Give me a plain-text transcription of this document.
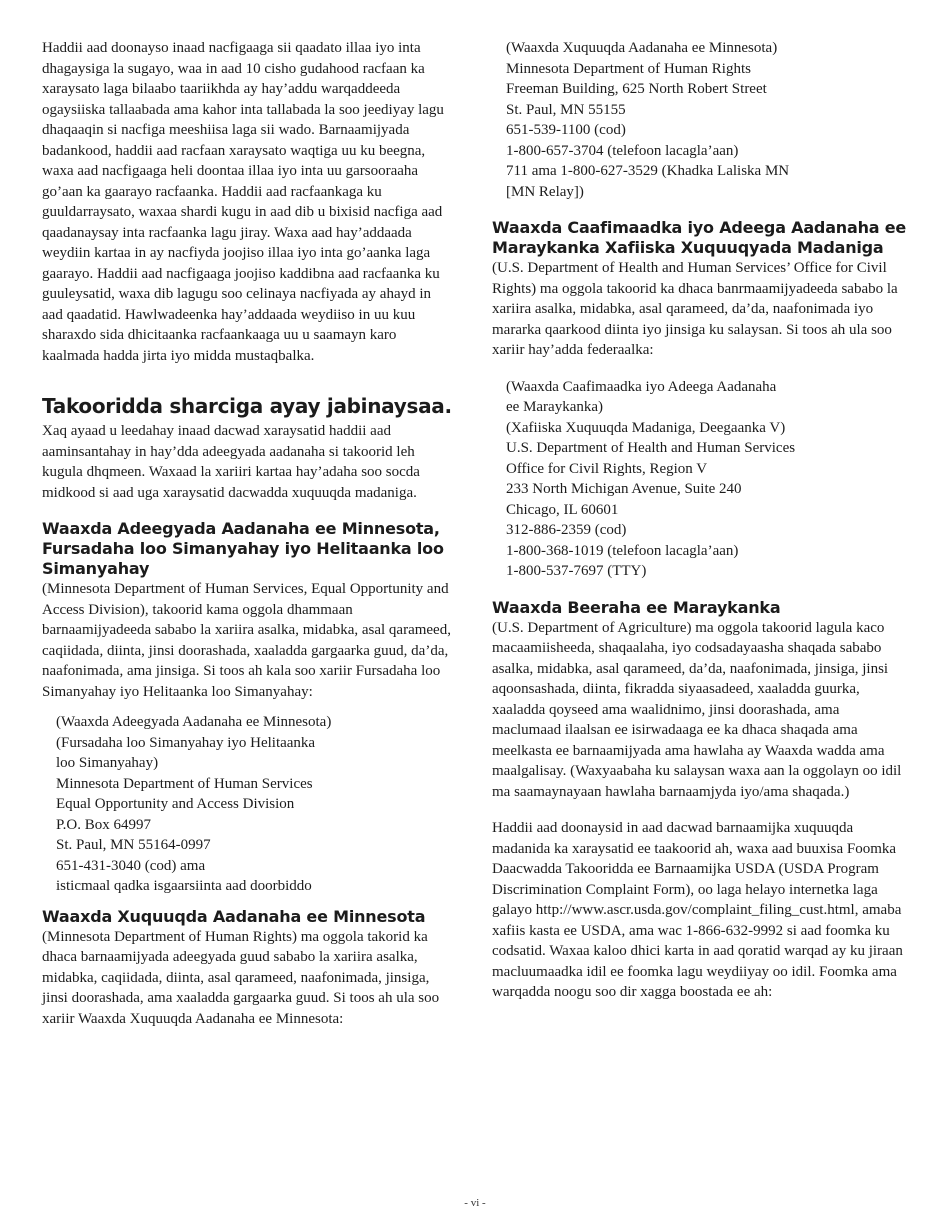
Haddii aad doonayso inaad nacfigaaga sii qaadato illaa iyo inta dhagaysiga la sugayo, waa in aad 10 cisho gudahood racfaan ka xaraysato laga bilaabo taariikhda ay hay’addu warqaddeeda ogaysiiska tallaabada ama kahor inta tallabada la soo jeediyay lagu dhaqaaqin si nacfiga meeshiisa laga sii wado. Barnaamijyada badankood, haddii aad racfaan xaraysato waqtiga uu ku beegna, waxa aad nacfigaaga heli doontaa illaa iyo inta uu garsooraaha go’aan ka gaarayo racfaanka. Haddii aad racfaankaga ku guuldarraysato, waxaa shardi kugu in aad dib u bixisid nacfiga aad qaadanaysay inta racfaanka lagu jiray. Waxa aad hay’addaada weydiin kartaa in ay nacfiyda joojiso illaa iyo inta go’aanka laga gaarayo. Haddii aad nacfigaaga joojiso kaddibna aad racfaanka ku guuleysatid, waxa dib lagugu soo celinaya nacfiyada ay ahayd in aad qaadatid. Hawlwadeenka hay’addaada weydiiso in uu kuu sharaxdo sida dhicitaanka racfaankaaga uu u saamayn karo kaalmada hadda jirta iyo midda mustaqbalka.

Takooridda sharciga ayay jabinaysaa.

Xaq ayaad u leedahay inaad dacwad xaraysatid haddii aad aaminsantahay in hay’dda adeegyada aadanaha si takoorid leh kugula dhqmeen. Waxaad la xariiri kartaa hay’adaha soo socda midkood si aad uga xaraysatid dacwadda xuquuqda madaniga.

Waaxda Adeegyada Aadanaha ee Minnesota, Fursadaha loo Simanyahay iyo Helitaanka loo Simanyahay

(Minnesota Department of Human Services, Equal Opportunity and Access Division), takoorid kama oggola dhammaan barnaamijyadeeda sababo la xariira asalka, midabka, asal qarameed, caqiidada, diinta, jinsi doorashada, xaaladda gargaarka guud, da’da, naafonimada, ama jinsiga. Si toos ah kala soo xariir Fursadaha loo Simanyahay iyo Helitaanka loo Simanyahay:

(Waaxda Adeegyada Aadanaha ee Minnesota)
(Fursadaha loo Simanyahay iyo Helitaanka
loo Simanyahay)
Minnesota Department of Human Services
Equal Opportunity and Access Division
P.O. Box 64997
St. Paul, MN 55164-0997
651-431-3040 (cod) ama
isticmaal qadka isgaarsiinta aad doorbiddo

Waaxda Xuquuqda Aadanaha ee Minnesota

(Minnesota Department of Human Rights) ma oggola takorid ka dhaca barnaamijyada adeegyada guud sababo la xariira asalka, midabka, caqiidada, diinta, asal qarameed, naafonimada, jinsiga, jinsi doorashada, ama xaaladda gargaarka guud. Si toos ah ula soo xariir Waaxda Xuquuqda Aadanaha ee Minnesota:

(Waaxda Xuquuqda Aadanaha ee Minnesota)
Minnesota Department of Human Rights
Freeman Building, 625 North Robert Street
St. Paul, MN 55155
651-539-1100 (cod)
1-800-657-3704 (telefoon lacagla’aan)
711 ama 1-800-627-3529 (Khadka Laliska MN
[MN Relay])

Waaxda Caafimaadka iyo Adeega Aadanaha ee Maraykanka Xafiiska Xuquuqyada Madaniga

(U.S. Department of Health and Human Services’ Office for Civil Rights) ma oggola takoorid ka dhaca banrmaamijyadeeda sababo la xariira asalka, midabka, asal qarameed, da’da, naafonimada iyo mararka qaarkood diinta iyo jinsiga ku salaysan. Si toos ah ula soo xariir hay’adda federaalka:

(Waaxda Caafimaadka iyo Adeega Aadanaha
ee Maraykanka)
(Xafiiska Xuquuqda Madaniga, Deegaanka V)
U.S. Department of Health and Human Services
Office for Civil Rights, Region V
233 North Michigan Avenue, Suite 240
Chicago, IL 60601
312-886-2359 (cod)
1-800-368-1019 (telefoon lacagla’aan)
1-800-537-7697 (TTY)

Waaxda Beeraha ee Maraykanka

(U.S. Department of Agriculture) ma oggola takoorid lagula kaco macaamiisheeda, shaqaalaha, iyo codsadayaasha shaqada sababo asalka, midabka, asal qarameed, da’da, naafonimada, jinsiga, jinsi aqoonsashada, diinta, fikradda siyaasadeed, xaaladda guurka, xaaladda qoyseed ama waalidnimo, jinsi doorashada, ama maclumaad ilaalsan ee isirwadaaga ee ka dhaca shaqada ama meelkasta ee barnaamijyada ama hawlaha ay Waaxda wadda ama maalgalisay. (Waxyaabaha ku salaysan waxa aan la oggolayn oo idil ma saamaynayaan hawlaha barnaamjyda iyo/ama shaqada.)

Haddii aad doonaysid in aad dacwad barnaamijka xuquuqda madanida ka xaraysatid ee taakoorid ah, waxa aad buuxisa Foomka Daacwadda Takooridda ee Barnaamijka USDA (USDA Program Discrimination Complaint Form), oo laga helayo internetka laga galayo http://www.ascr.usda.gov/complaint_filing_cust.html, amaba xafiis kasta ee USDA, ama wac 1-866-632-9992 si aad foomka ku codsatid. Waxaa kaloo dhici karta in aad qoratid warqad ay ku jiraan macluumaadka idil ee foomka lagu weydiiyay oo idil. Foomka ama warqadda noogu soo dir xagga boostada ee ah:

- vi -
